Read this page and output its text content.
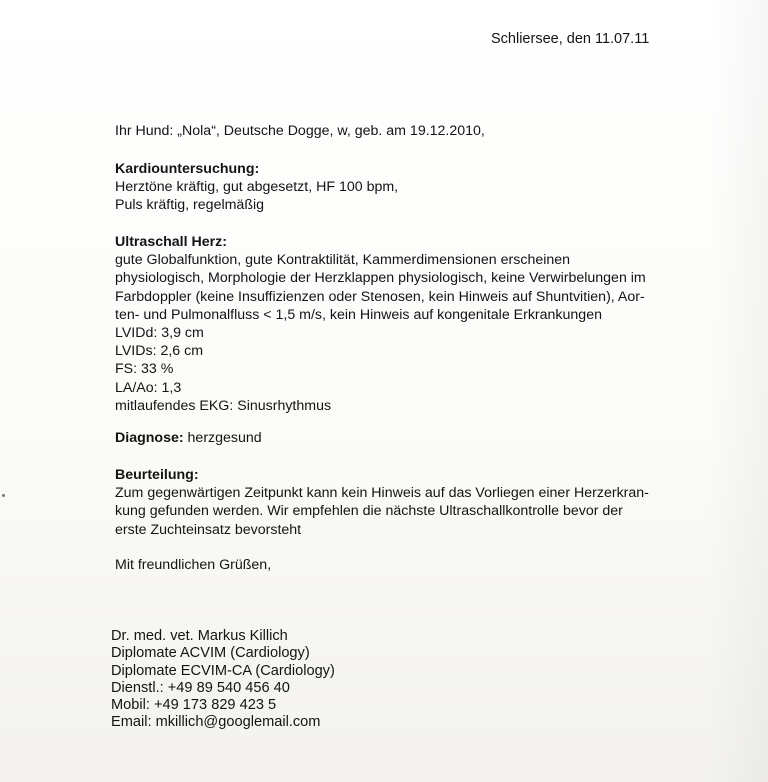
Schliersee, den 11.07.11
Ihr Hund: „Nola“, Deutsche Dogge, w, geb. am 19.12.2010,
Kardiountersuchung:
Herztöne kräftig, gut abgesetzt, HF 100 bpm,
Puls kräftig, regelmäßig
Ultraschall Herz:
gute Globalfunktion, gute Kontraktilität, Kammerdimensionen erscheinen
physiologisch, Morphologie der Herzklappen physiologisch, keine Verwirbelungen im
Farbdoppler (keine Insuffizienzen oder Stenosen, kein Hinweis auf Shuntvitien), Aor-
ten- und Pulmonalfluss < 1,5 m/s, kein Hinweis auf kongenitale Erkrankungen
LVIDd: 3,9 cm
LVIDs: 2,6 cm
FS: 33 %
LA/Ao: 1,3
mitlaufendes EKG: Sinusrhythmus
Diagnose: herzgesund
Beurteilung:
Zum gegenwärtigen Zeitpunkt kann kein Hinweis auf das Vorliegen einer Herzerkran-
kung gefunden werden. Wir empfehlen die nächste Ultraschallkontrolle bevor der
erste Zuchteinsatz bevorsteht
Mit freundlichen Grüßen,
Dr. med. vet. Markus Killich
Diplomate ACVIM (Cardiology)
Diplomate ECVIM-CA (Cardiology)
Dienstl.: +49 89 540 456 40
Mobil: +49 173 829 423 5
Email: mkillich@googlemail.com
